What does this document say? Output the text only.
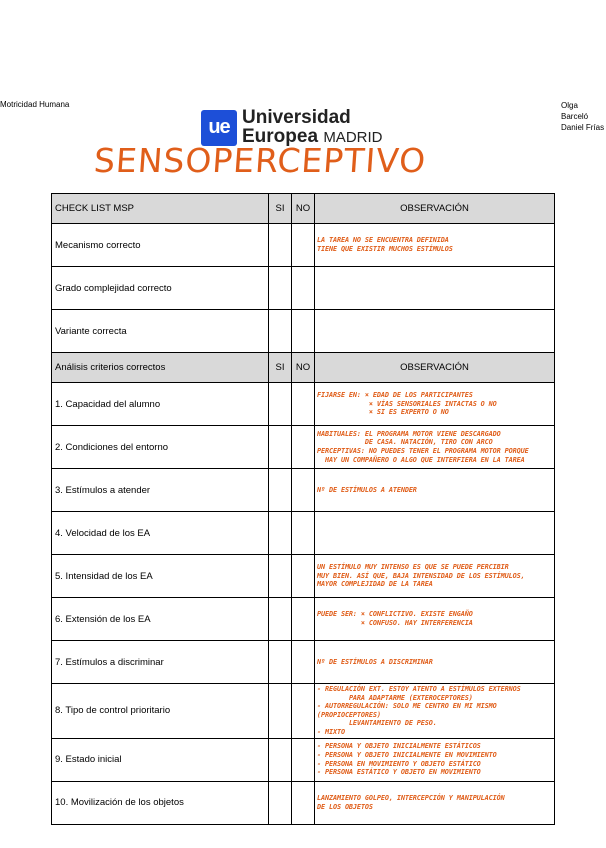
Motricidad Humana	Olga Barceló
Daniel Frías
ue Universidad
Europea MADRID
SENSOPERCEPTIVO
CHECK LIST MSP	SI	NO	OBSERVACIÓN
Mecanismo correcto			LA TAREA NO SE ENCUENTRA DEFINIDA
TIENE QUE EXISTIR MUCHOS ESTÍMULOS

Grado complejidad correcto			

Variante correcta			

Análisis criterios correctos	SI	NO	OBSERVACIÓN
1. Capacidad del alumno			FIJARSE EN: × EDAD DE LOS PARTICIPANTES
× VÍAS SENSORIALES INTACTAS O NO
× SI ES EXPERTO O NO

2. Condiciones del entorno			HABITUALES: EL PROGRAMA MOTOR VIENE DESCARGADO
DE CASA. NATACIÓN, TIRO CON ARCO
PERCEPTIVAS: NO PUEDES TENER EL PROGRAMA MOTOR PORQUE
HAY UN COMPAÑERO O ALGO QUE INTERFIERA EN LA TAREA

3. Estímulos a atender			Nº DE ESTÍMULOS A ATENDER

4. Velocidad de los EA			

5. Intensidad de los EA			UN ESTÍMULO MUY INTENSO ES QUE SE PUEDE PERCIBIR
MUY BIEN. ASÍ QUE, BAJA INTENSIDAD DE LOS ESTÍMULOS,
MAYOR COMPLEJIDAD DE LA TAREA

6. Extensión de los EA			PUEDE SER: × CONFLICTIVO. EXISTE ENGAÑO
× CONFUSO. HAY INTERFERENCIA

7. Estímulos a discriminar			Nº DE ESTÍMULOS A DISCRIMINAR

8. Tipo de control prioritario			- REGULACIÓN EXT. ESTOY ATENTO A ESTÍMULOS EXTERNOS
PARA ADAPTARME (EXTEROCEPTORES)
- AUTORREGULACIÓN: SOLO ME CENTRO EN MI MISMO (PROPIOCEPTORES)
LEVANTAMIENTO DE PESO.
- MIXTO

9. Estado inicial			- PERSONA Y OBJETO INICIALMENTE ESTÁTICOS
- PERSONA Y OBJETO INICIALMENTE EN MOVIMIENTO
- PERSONA EN MOVIMIENTO Y OBJETO ESTÁTICO
- PERSONA ESTÁTICO Y OBJETO EN MOVIMIENTO

10. Movilización de los objetos			LANZAMIENTO GOLPEO, INTERCEPCIÓN Y MANIPULACIÓN
DE LOS OBJETOS
